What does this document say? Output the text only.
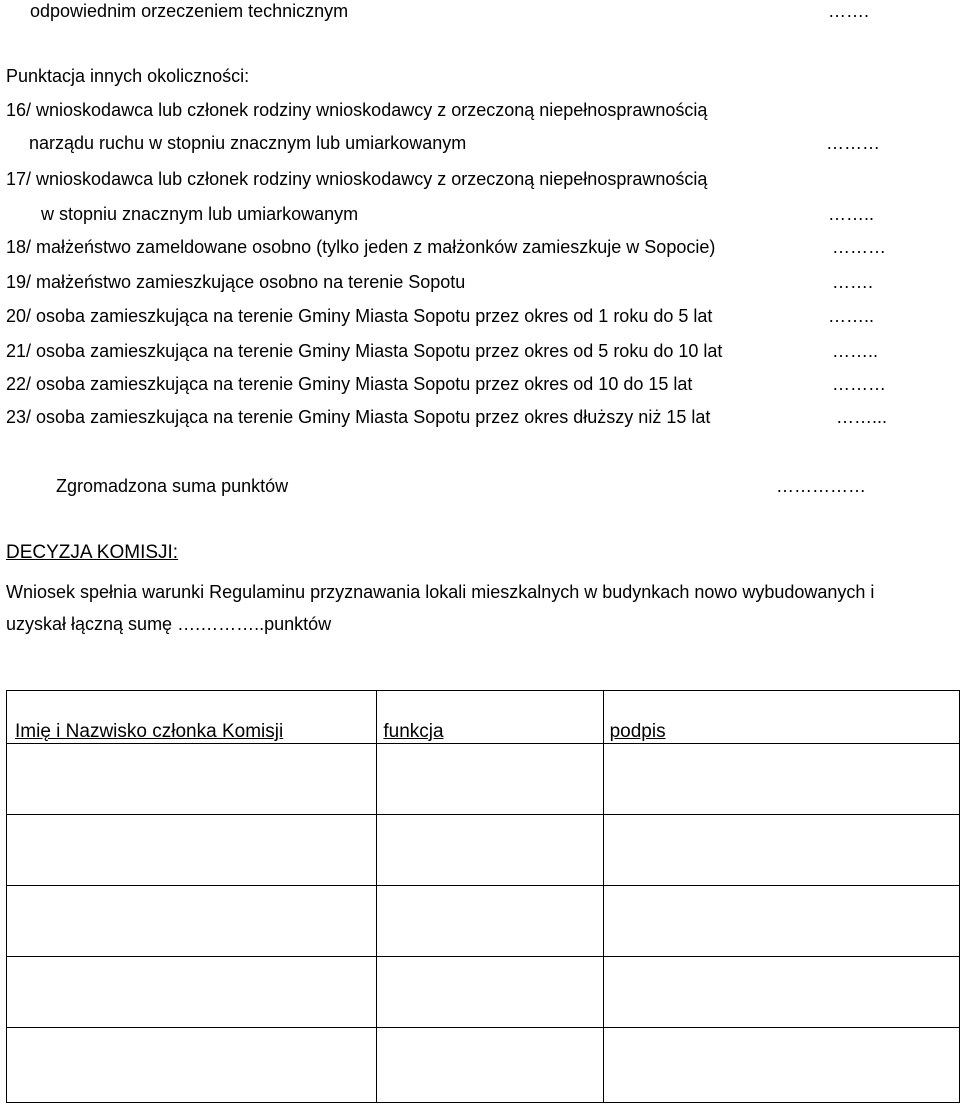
odpowiednim orzeczeniem technicznym	…….
Punktacja innych okoliczności:
16/ wnioskodawca lub członek rodziny wnioskodawcy z orzeczoną niepełnosprawnością
narządu ruchu w stopniu znacznym lub umiarkowanym	………
17/ wnioskodawca lub członek rodziny wnioskodawcy z orzeczoną niepełnosprawnością
w stopniu znacznym lub umiarkowanym	……..
18/ małżeństwo zameldowane osobno (tylko jeden z małżonków zamieszkuje w Sopocie)	………
19/ małżeństwo zamieszkujące osobno na terenie Sopotu	…….
20/ osoba zamieszkująca na terenie Gminy Miasta Sopotu przez okres od 1 roku do 5 lat	……..
21/ osoba zamieszkująca na terenie Gminy Miasta Sopotu przez okres od 5 roku do 10 lat	……..
22/ osoba zamieszkująca na terenie Gminy Miasta Sopotu przez okres od 10 do 15 lat	………
23/ osoba zamieszkująca na terenie Gminy Miasta Sopotu przez okres dłuższy niż 15 lat	……...
Zgromadzona suma punktów	……………
DECYZJA KOMISJI:
Wniosek spełnia warunki Regulaminu przyznawania lokali mieszkalnych w budynkach nowo wybudowanych i
uzyskał łączną sumę ….………..punktów
Imię i Nazwisko członka Komisji	funkcja	podpis
